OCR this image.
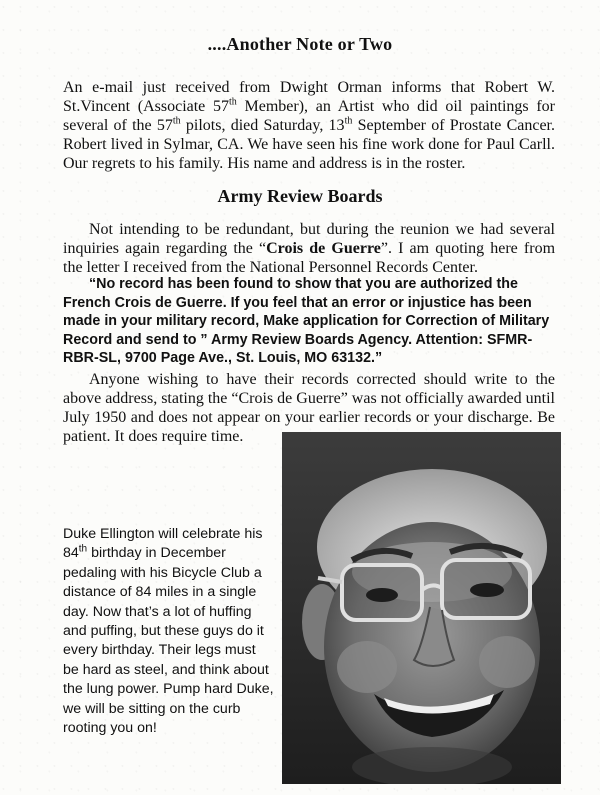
....Another Note or Two

An e-mail just received from Dwight Orman informs that Robert W. St.Vincent (Associate 57th Member), an Artist who did oil paintings for several of the 57th pilots, died Saturday, 13th September of Prostate Cancer. Robert lived in Sylmar, CA. We have seen his fine work done for Paul Carll. Our regrets to his family. His name and address is in the roster.

Army Review Boards

Not intending to be redundant, but during the reunion we had several inquiries again regarding the “Crois de Guerre”. I am quoting here from the letter I received from the National Personnel Records Center.

“No record has been found to show that you are authorized the French Crois de Guerre. If you feel that an error or injustice has been made in your military record, Make application for Correction of Military Record and send to ” Army Review Boards Agency. Attention: SFMR-RBR-SL, 9700 Page Ave., St. Louis, MO 63132.”

Anyone wishing to have their records corrected should write to the above address, stating the “Crois de Guerre” was not officially awarded until July 1950 and does not appear on your earlier records or your discharge. Be patient. It does require time.

Duke Ellington will celebrate his 84th birthday in December pedaling with his Bicycle Club a distance of 84 miles in a single day. Now that’s a lot of huffing and puffing, but these guys do it every birthday. Their legs must be hard as steel, and think about the lung power. Pump hard Duke, we will be sitting on the curb rooting you on!
